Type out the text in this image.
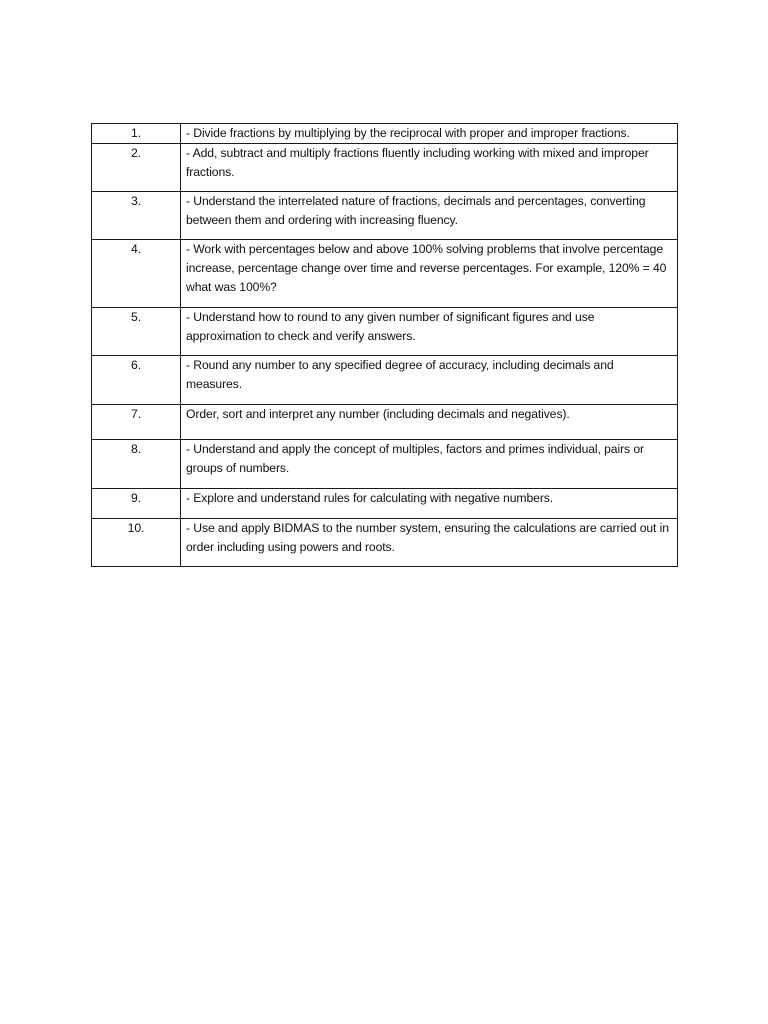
1.	- Divide fractions by multiplying by the reciprocal with proper and improper fractions.
2.	- Add, subtract and multiply fractions fluently including working with mixed and improper fractions.
3.	- Understand the interrelated nature of fractions, decimals and percentages, converting between them and ordering with increasing fluency.
4.	- Work with percentages below and above 100% solving problems that involve percentage increase, percentage change over time and reverse percentages. For example, 120% = 40 what was 100%?
5.	- Understand how to round to any given number of significant figures and use approximation to check and verify answers.
6.	- Round any number to any specified degree of accuracy, including decimals and measures.
7.	Order, sort and interpret any number (including decimals and negatives).
8.	- Understand and apply the concept of multiples, factors and primes individual, pairs or groups of numbers.
9.	- Explore and understand rules for calculating with negative numbers.
10.	- Use and apply BIDMAS to the number system, ensuring the calculations are carried out in order including using powers and roots.
